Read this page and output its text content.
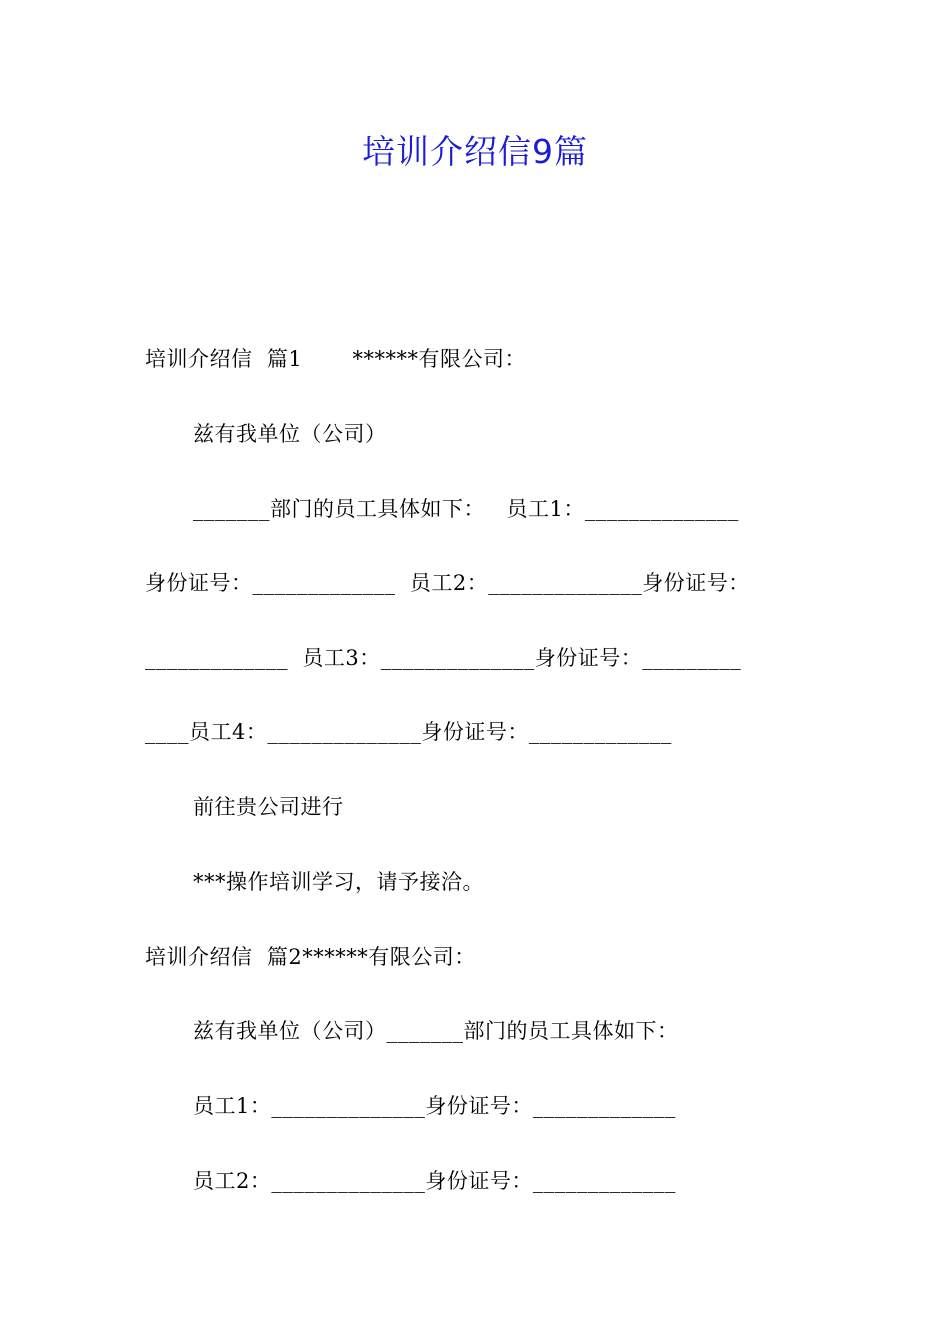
培训介绍信9篇
培训介绍信  篇1       ******有限公司：
兹有我单位（公司）
_______部门的员工具体如下：   员工1：______________
身份证号：_____________  员工2：______________身份证号：
_____________  员工3：______________身份证号：_________
____员工4：______________身份证号：_____________
前往贵公司进行
***操作培训学习，请予接洽。
培训介绍信  篇2******有限公司：
兹有我单位（公司）_______部门的员工具体如下：
员工1：______________身份证号：_____________
员工2：______________身份证号：_____________
